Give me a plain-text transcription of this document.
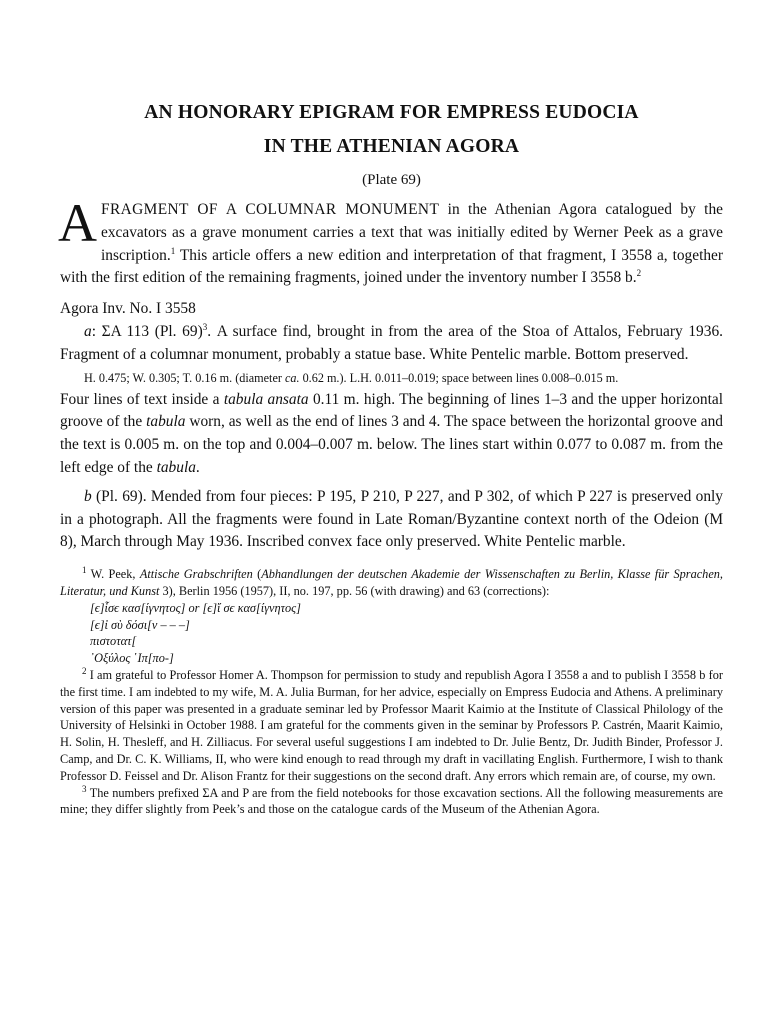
AN HONORARY EPIGRAM FOR EMPRESS EUDOCIA
IN THE ATHENIAN AGORA
(Plate 69)

AFRAGMENT OF A COLUMNAR MONUMENT in the Athenian Agora catalogued by the excavators as a grave monument carries a text that was initially edited by Werner Peek as a grave inscription.$^1$ This article offers a new edition and interpretation of that fragment, I 3558 a, together with the first edition of the remaining fragments, joined under the inventory number I 3558 b.$^2$

Agora Inv. No. I 3558

a: ΣΑ 113 (Pl. 69)$^3$. A surface find, brought in from the area of the Stoa of Attalos, February 1936. Fragment of a columnar monument, probably a statue base. White Pentelic marble. Bottom preserved.

H. 0.475; W. 0.305; T. 0.16 m. (diameter ca. 0.62 m.). L.H. 0.011–0.019; space between lines 0.008–0.015 m.

Four lines of text inside a tabula ansata 0.11 m. high. The beginning of lines 1–3 and the upper horizontal groove of the tabula worn, as well as the end of lines 3 and 4. The space between the horizontal groove and the text is 0.005 m. on the top and 0.004–0.007 m. below. The lines start within 0.077 to 0.087 m. from the left edge of the tabula.

b (Pl. 69). Mended from four pieces: P 195, P 210, P 227, and P 302, of which P 227 is preserved only in a photograph. All the fragments were found in Late Roman/Byzantine context north of the Odeion (M 8), March through May 1936. Inscribed convex face only preserved. White Pentelic marble.

$^1$ W. Peek, Attische Grabschriften (Abhandlungen der deutschen Akademie der Wissenschaften zu Berlin, Klasse für Sprachen, Literatur, und Kunst 3), Berlin 1956 (1957), II, no. 197, pp. 56 (with drawing) and 63 (corrections):

[ϵ]ἶσϵ κασ[ίγνητος] or [ϵ]ἴ σϵ κασ[ίγνητος]

[ϵ]ἰ σὺ δόσι[ν – – –]

πιστοτατ[

᾿Οξύλος ῾Ιπ[πο-]

$^2$ I am grateful to Professor Homer A. Thompson for permission to study and republish Agora I 3558 a and to publish I 3558 b for the first time. I am indebted to my wife, M. A. Julia Burman, for her advice, especially on Empress Eudocia and Athens. A preliminary version of this paper was presented in a graduate seminar led by Professor Maarit Kaimio at the Institute of Classical Philology of the University of Helsinki in October 1988. I am grateful for the comments given in the seminar by Professors P. Castrén, Maarit Kaimio, H. Solin, H. Thesleff, and H. Zilliacus. For several useful suggestions I am indebted to Dr. Julie Bentz, Dr. Judith Binder, Professor J. Camp, and Dr. C. K. Williams, II, who were kind enough to read through my draft in vacillating English. Furthermore, I wish to thank Professor D. Feissel and Dr. Alison Frantz for their suggestions on the second draft. Any errors which remain are, of course, my own.

$^3$ The numbers prefixed ΣΑ and P are from the field notebooks for those excavation sections. All the following measurements are mine; they differ slightly from Peek’s and those on the catalogue cards of the Museum of the Athenian Agora.
